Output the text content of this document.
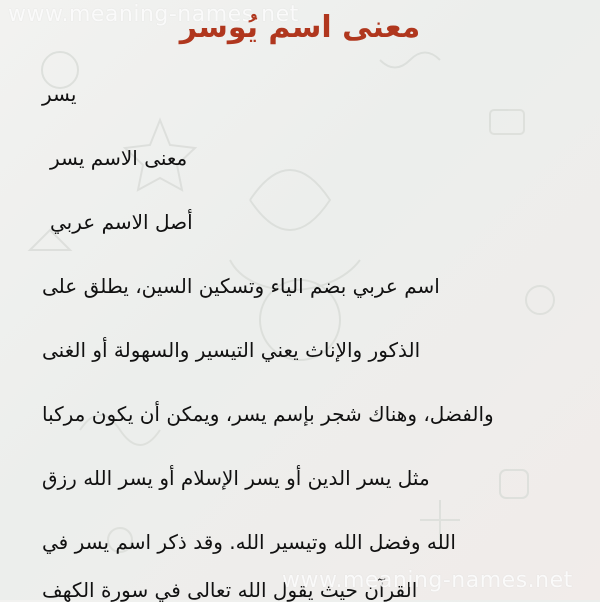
www.meaning-names.net
معنى اسم يُوسر
يسر
معنى الاسم يسر
أصل الاسم عربي
اسم عربي بضم الياء وتسكين السين، يطلق على
الذكور والإناث يعني التيسير والسهولة أو الغنى
والفضل، وهناك شجر بإسم يسر، ويمكن أن يكون مركبا
مثل يسر الدين أو يسر الإسلام أو يسر الله رزق
الله وفضل الله وتيسير الله. وقد ذكر اسم يسر في
القرآن حيث يقول الله تعالى في سورة الكهف
www.meaning-names.net
